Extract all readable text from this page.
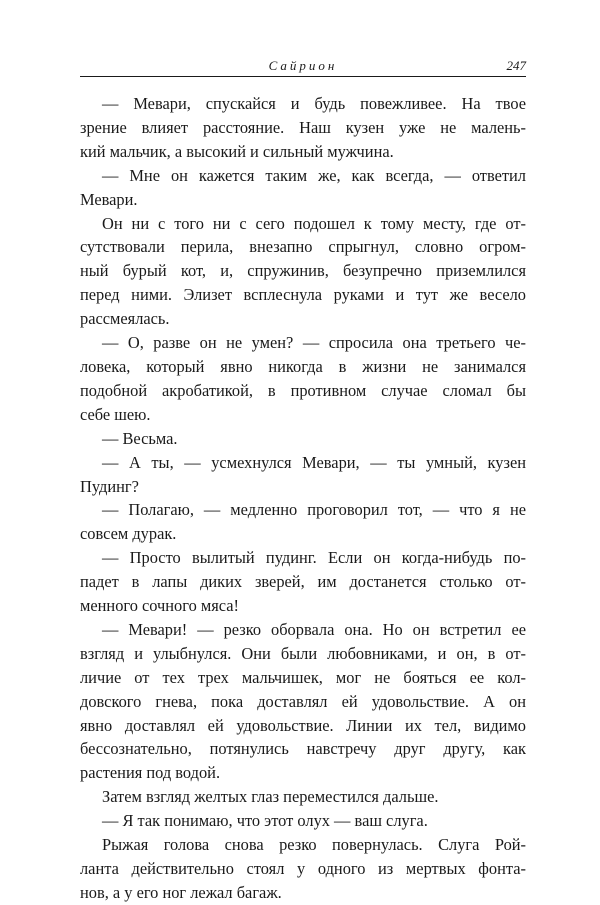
Сайрион	247

— Мевари, спускайся и будь повежливее. На твое
зрение влияет расстояние. Наш кузен уже не малень-
кий мальчик, а высокий и сильный мужчина.

— Мне он кажется таким же, как всегда, — ответил
Мевари.

Он ни с того ни с сего подошел к тому месту, где от-
сутствовали перила, внезапно спрыгнул, словно огром-
ный бурый кот, и, спружинив, безупречно приземлился
перед ними. Элизет всплеснула руками и тут же весело
рассмеялась.

— О, разве он не умен? — спросила она третьего че-
ловека, который явно никогда в жизни не занимался
подобной акробатикой, в противном случае сломал бы
себе шею.

— Весьма.

— А ты, — усмехнулся Мевари, — ты умный, кузен
Пудинг?

— Полагаю, — медленно проговорил тот, — что я не
совсем дурак.

— Просто вылитый пудинг. Если он когда-нибудь по-
падет в лапы диких зверей, им достанется столько от-
менного сочного мяса!

— Мевари! — резко оборвала она. Но он встретил ее
взгляд и улыбнулся. Они были любовниками, и он, в от-
личие от тех трех мальчишек, мог не бояться ее кол-
довского гнева, пока доставлял ей удовольствие. А он
явно доставлял ей удовольствие. Линии их тел, видимо
бессознательно, потянулись навстречу друг другу, как
растения под водой.

Затем взгляд желтых глаз переместился дальше.

— Я так понимаю, что этот олух — ваш слуга.

Рыжая голова снова резко повернулась. Слуга Рой-
ланта действительно стоял у одного из мертвых фонта-
нов, а у его ног лежал багаж.
